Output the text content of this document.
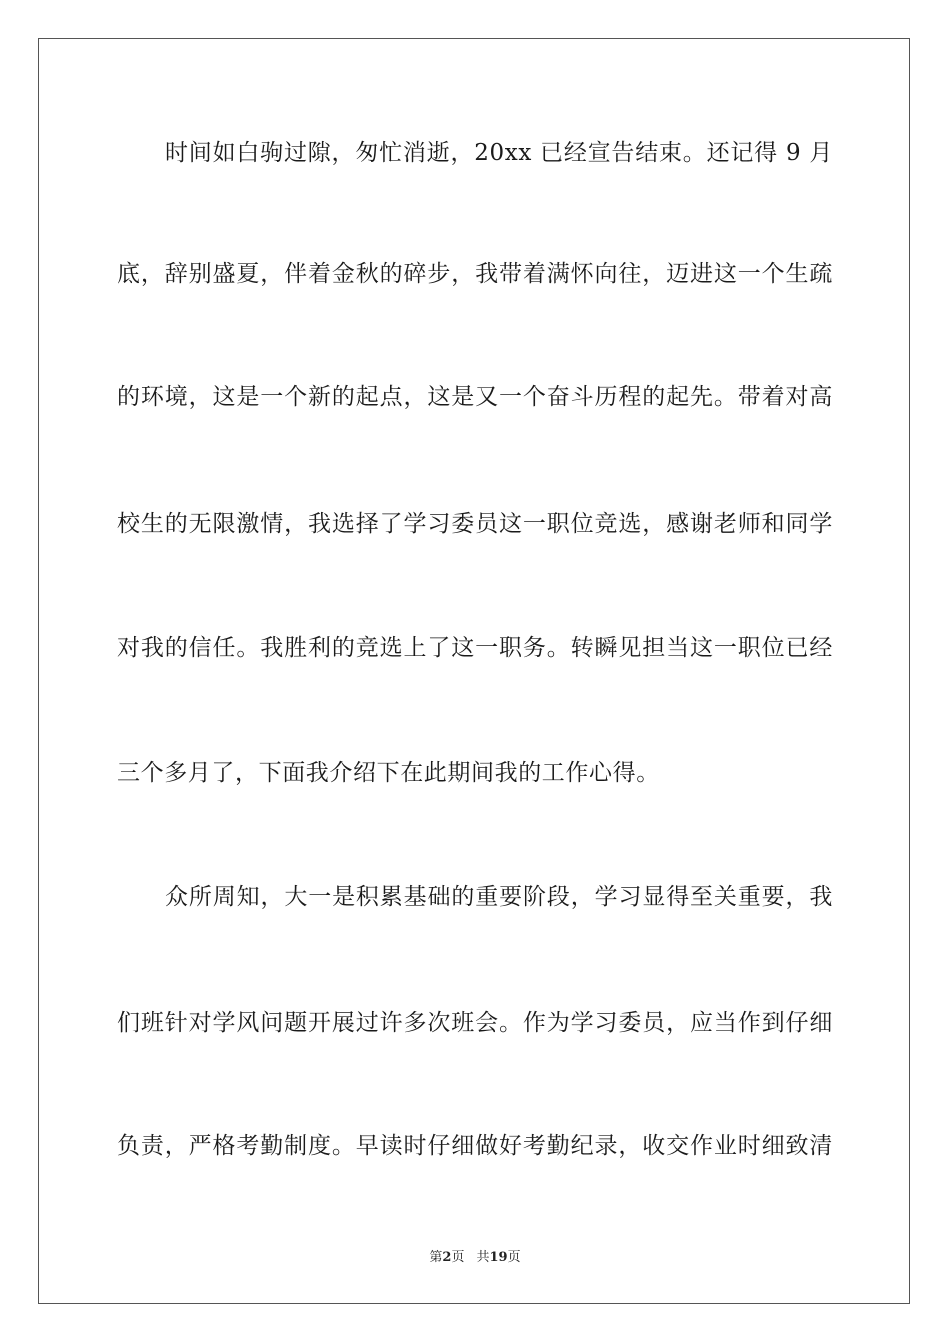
时间如白驹过隙，匆忙消逝，20xx 已经宣告结束。还记得 9 月
底，辞别盛夏，伴着金秋的碎步，我带着满怀向往，迈进这一个生疏
的环境，这是一个新的起点，这是又一个奋斗历程的起先。带着对高
校生的无限激情，我选择了学习委员这一职位竞选，感谢老师和同学
对我的信任。我胜利的竞选上了这一职务。转瞬见担当这一职位已经
三个多月了，下面我介绍下在此期间我的工作心得。
众所周知，大一是积累基础的重要阶段，学习显得至关重要，我
们班针对学风问题开展过许多次班会。作为学习委员，应当作到仔细
负责，严格考勤制度。早读时仔细做好考勤纪录，收交作业时细致清
第2页 共19页
